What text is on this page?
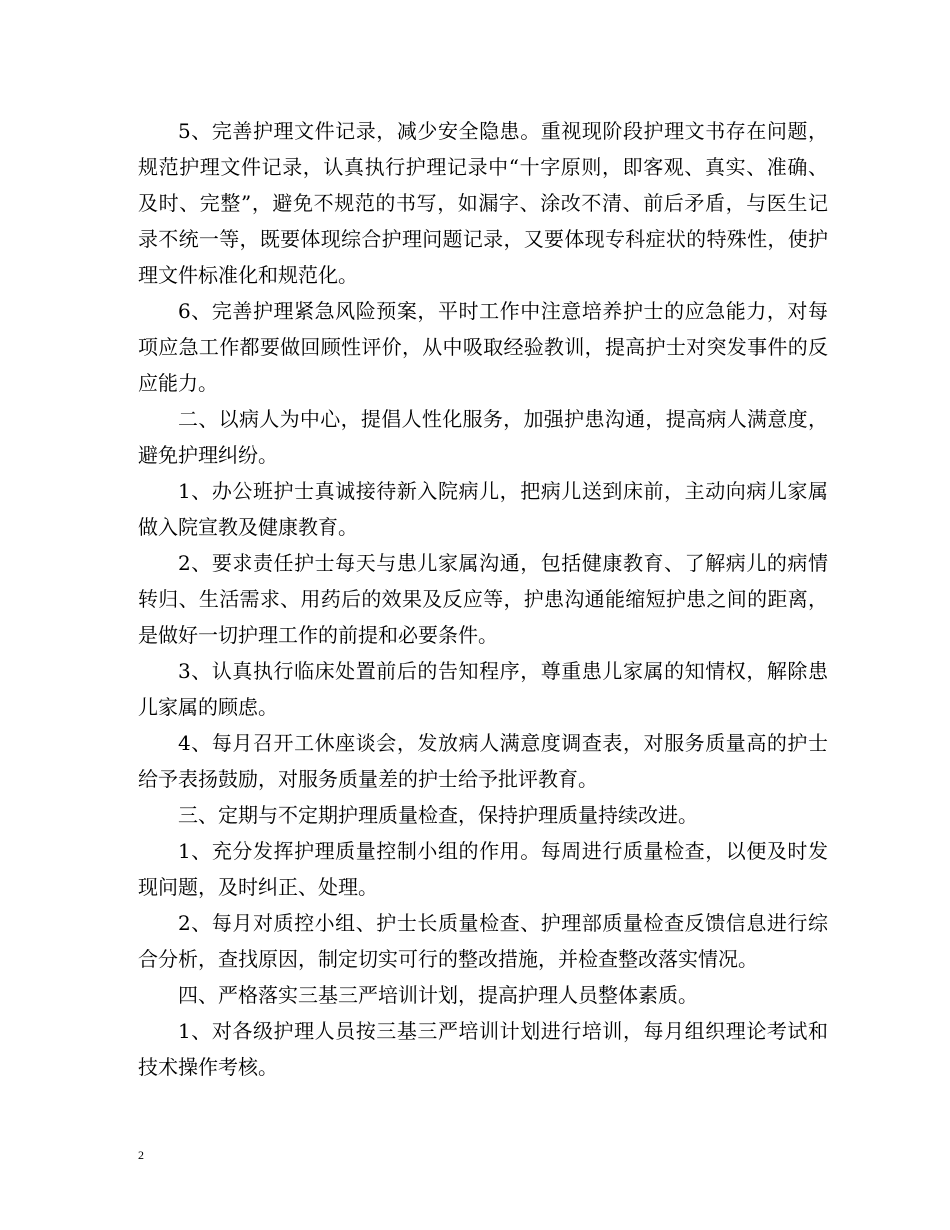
5、完善护理文件记录，减少安全隐患。重视现阶段护理文书存在问题，规范护理文件记录，认真执行护理记录中“十字原则，即客观、真实、准确、及时、完整”，避免不规范的书写，如漏字、涂改不清、前后矛盾，与医生记录不统一等，既要体现综合护理问题记录，又要体现专科症状的特殊性，使护理文件标准化和规范化。

6、完善护理紧急风险预案，平时工作中注意培养护士的应急能力，对每项应急工作都要做回顾性评价，从中吸取经验教训，提高护士对突发事件的反应能力。

二、以病人为中心，提倡人性化服务，加强护患沟通，提高病人满意度，避免护理纠纷。

1、办公班护士真诚接待新入院病儿，把病儿送到床前，主动向病儿家属做入院宣教及健康教育。

2、要求责任护士每天与患儿家属沟通，包括健康教育、了解病儿的病情转归、生活需求、用药后的效果及反应等，护患沟通能缩短护患之间的距离，是做好一切护理工作的前提和必要条件。

3、认真执行临床处置前后的告知程序，尊重患儿家属的知情权，解除患儿家属的顾虑。

4、每月召开工休座谈会，发放病人满意度调查表，对服务质量高的护士给予表扬鼓励，对服务质量差的护士给予批评教育。

三、定期与不定期护理质量检查，保持护理质量持续改进。

1、充分发挥护理质量控制小组的作用。每周进行质量检查，以便及时发现问题，及时纠正、处理。

2、每月对质控小组、护士长质量检查、护理部质量检查反馈信息进行综合分析，查找原因，制定切实可行的整改措施，并检查整改落实情况。

四、严格落实三基三严培训计划，提高护理人员整体素质。

1、对各级护理人员按三基三严培训计划进行培训，每月组织理论考试和技术操作考核。

2
